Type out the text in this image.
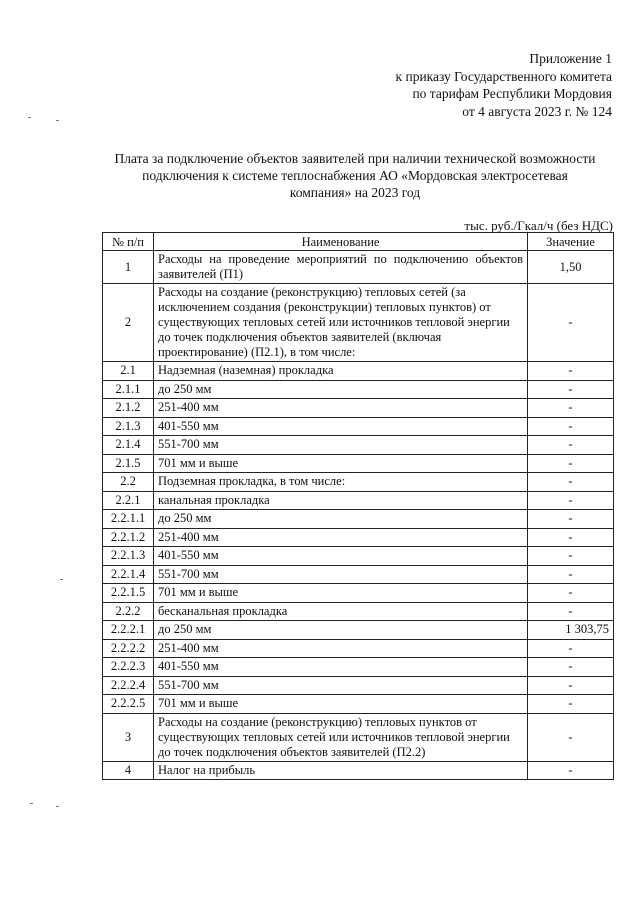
Приложение 1
к приказу Государственного комитета
по тарифам Республики Мордовия
от 4 августа 2023 г. № 124
Плата за подключение объектов заявителей при наличии технической возможности
подключения к системе теплоснабжения АО «Мордовская электросетевая
компания» на 2023 год
тыс. руб./Гкал/ч (без НДС)
№ п/п	Наименование	Значение
1	Расходы на проведение мероприятий по подключению объектов заявителей (П1)	1,50
2	Расходы на создание (реконструкцию) тепловых сетей (за исключением создания (реконструкции) тепловых пунктов) от существующих тепловых сетей или источников тепловой энергии до точек подключения объектов заявителей (включая проектирование) (П2.1), в том числе:	-
2.1	Надземная (наземная) прокладка	-
2.1.1	до 250 мм	-
2.1.2	251-400 мм	-
2.1.3	401-550 мм	-
2.1.4	551-700 мм	-
2.1.5	701 мм и выше	-
2.2	Подземная прокладка, в том числе:	-
2.2.1	канальная прокладка	-
2.2.1.1	до 250 мм	-
2.2.1.2	251-400 мм	-
2.2.1.3	401-550 мм	-
2.2.1.4	551-700 мм	-
2.2.1.5	701 мм и выше	-
2.2.2	бесканальная прокладка	-
2.2.2.1	до 250 мм	1 303,75
2.2.2.2	251-400 мм	-
2.2.2.3	401-550 мм	-
2.2.2.4	551-700 мм	-
2.2.2.5	701 мм и выше	-
3	Расходы на создание (реконструкцию) тепловых пунктов от существующих тепловых сетей или источников тепловой энергии до точек подключения объектов заявителей (П2.2)	-
4	Налог на прибыль	-
